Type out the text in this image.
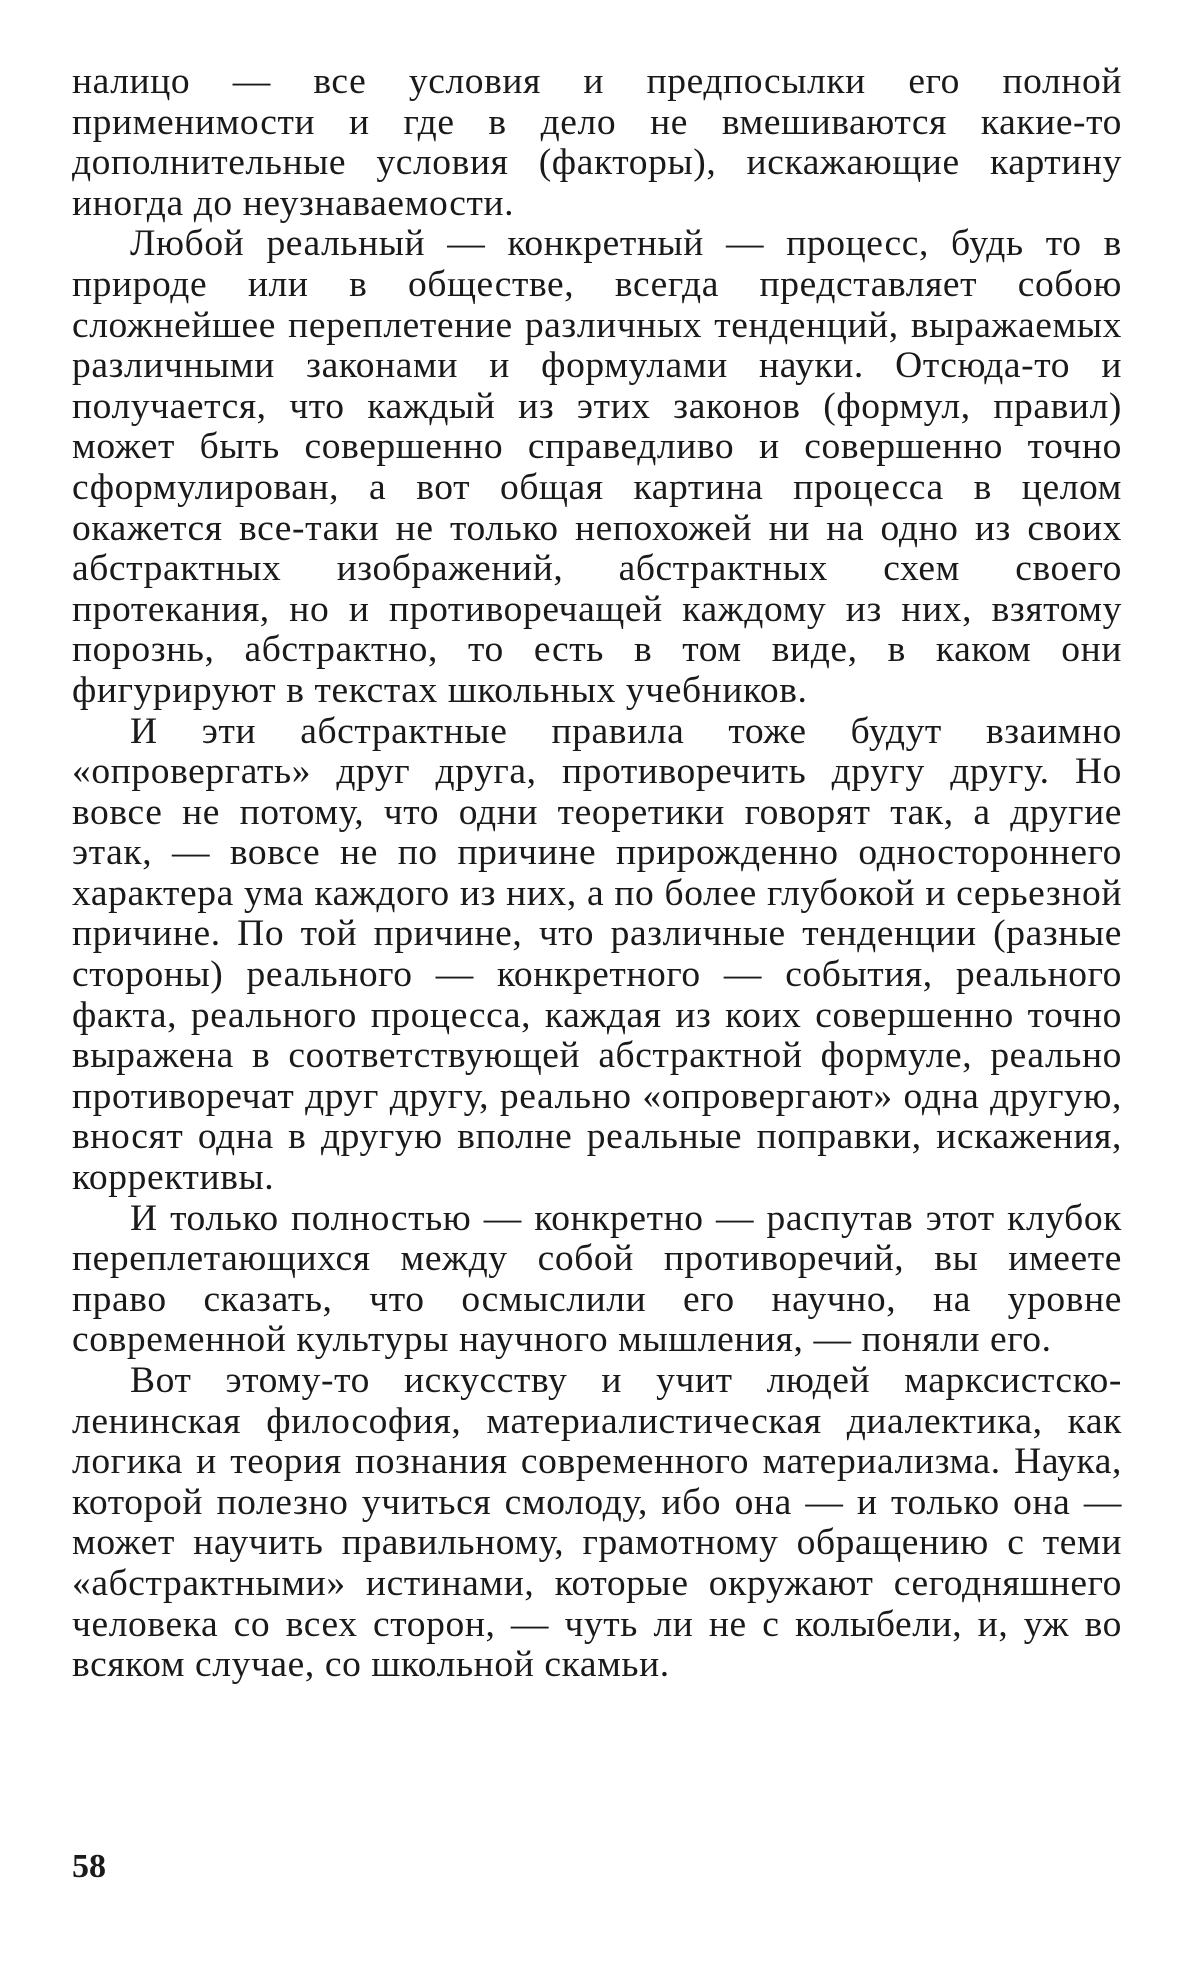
налицо — все условия и предпосылки его полной применимости и где в дело не вмешиваются какие-то дополнительные условия (факторы), искажающие картину иногда до неузнаваемости.

Любой реальный — конкретный — процесс, будь то в природе или в обществе, всегда представляет собою сложнейшее переплетение различных тенденций, выражаемых различными законами и формулами науки. Отсюда-то и получается, что каждый из этих законов (формул, правил) может быть совершенно справедливо и совершенно точно сформулирован, а вот общая картина процесса в целом окажется все-таки не только непохожей ни на одно из своих абстрактных изображений, абстрактных схем своего протекания, но и противоречащей каждому из них, взятому порознь, абстрактно, то есть в том виде, в каком они фигурируют в текстах школьных учебников.

И эти абстрактные правила тоже будут взаимно «опровергать» друг друга, противоречить другу другу. Но вовсе не потому, что одни теоретики говорят так, а другие этак, — вовсе не по причине прирожденно одностороннего характера ума каждого из них, а по более глубокой и серьезной причине. По той причине, что различные тенденции (разные стороны) реального — конкретного — события, реального факта, реального процесса, каждая из коих совершенно точно выражена в соответствующей абстрактной формуле, реально противоречат друг другу, реально «опровергают» одна другую, вносят одна в другую вполне реальные поправки, искажения, коррективы.

И только полностью — конкретно — распутав этот клубок переплетающихся между собой противоречий, вы имеете право сказать, что осмыслили его научно, на уровне современной культуры научного мышления, — поняли его.

Вот этому-то искусству и учит людей марксистско-ленинская философия, материалистическая диалектика, как логика и теория познания современного материализма. Наука, которой полезно учиться смолоду, ибо она — и только она — может научить правильному, грамотному обращению с теми «абстрактными» истинами, которые окружают сегодняшнего человека со всех сторон, — чуть ли не с колыбели, и, уж во всяком случае, со школьной скамьи.

58
